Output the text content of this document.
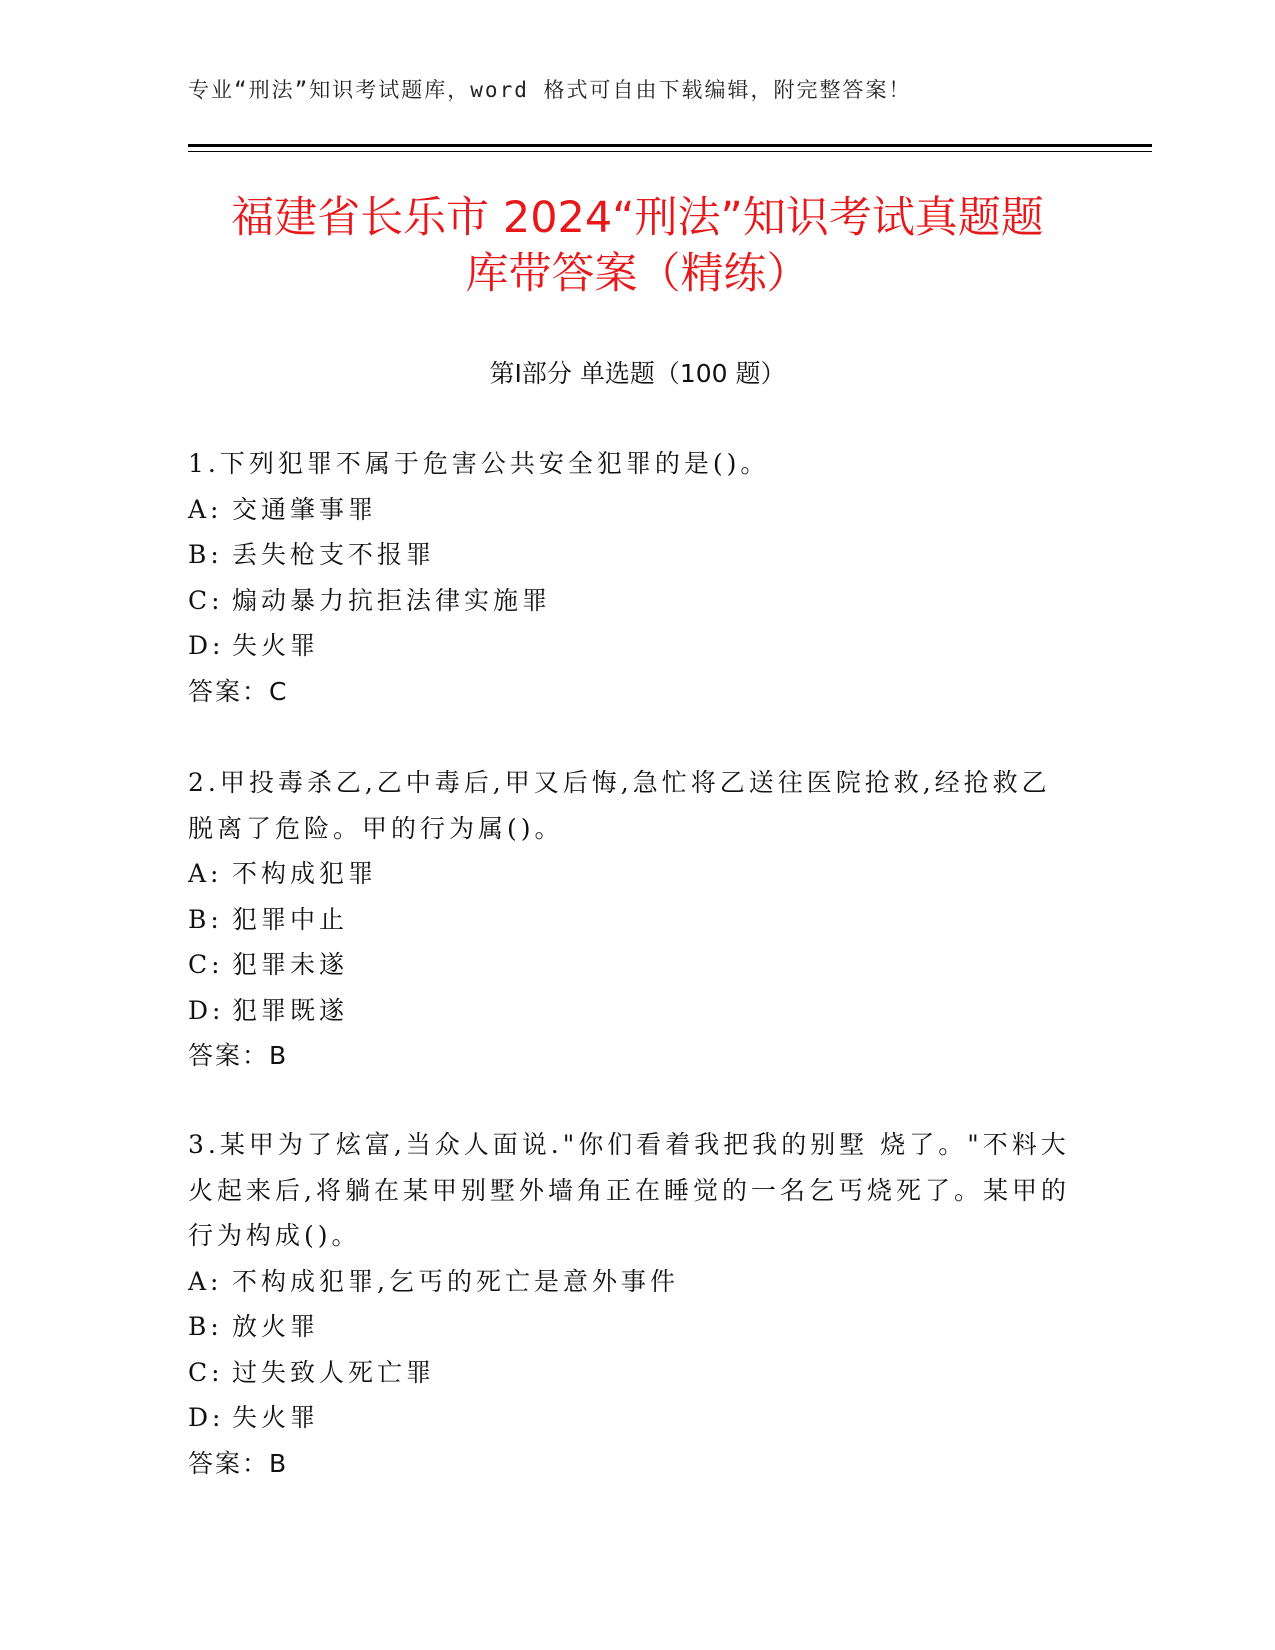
专业“刑法”知识考试题库，word 格式可自由下载编辑，附完整答案！
福建省长乐市 2024“刑法”知识考试真题题
库带答案（精练）
第Ⅰ部分 单选题（100 题）
1.下列犯罪不属于危害公共安全犯罪的是()。
A: 交通肇事罪
B: 丢失枪支不报罪
C: 煽动暴力抗拒法律实施罪
D: 失火罪
答案：C
2.甲投毒杀乙,乙中毒后,甲又后悔,急忙将乙送往医院抢救,经抢救乙
脱离了危险。甲的行为属()。
A: 不构成犯罪
B: 犯罪中止
C: 犯罪未遂
D: 犯罪既遂
答案：B
3.某甲为了炫富,当众人面说."你们看着我把我的别墅 烧了。"不料大
火起来后,将躺在某甲别墅外墙角正在睡觉的一名乞丐烧死了。某甲的
行为构成()。
A: 不构成犯罪,乞丐的死亡是意外事件
B: 放火罪
C: 过失致人死亡罪
D: 失火罪
答案：B
